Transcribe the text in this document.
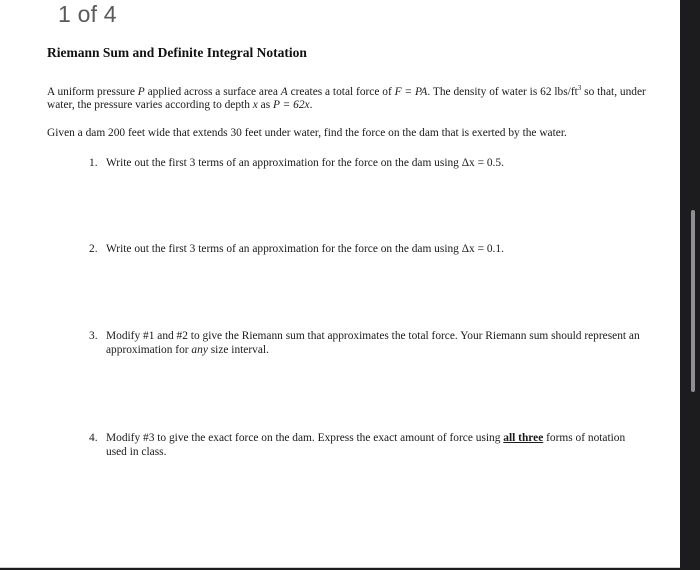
1 of 4
Riemann Sum and Definite Integral Notation
A uniform pressure P applied across a surface area A creates a total force of F = PA. The density of water is 62 lbs/$ft^3$ so that, under water, the pressure varies according to depth x as P = 62x.
Given a dam 200 feet wide that extends 30 feet under water, find the force on the dam that is exerted by the water.
1. Write out the first 3 terms of an approximation for the force on the dam using Δx = 0.5.
2. Write out the first 3 terms of an approximation for the force on the dam using Δx = 0.1.
3. Modify #1 and #2 to give the Riemann sum that approximates the total force. Your Riemann sum should represent an approximation for any size interval.
4. Modify #3 to give the exact force on the dam. Express the exact amount of force using all three forms of notation used in class.
